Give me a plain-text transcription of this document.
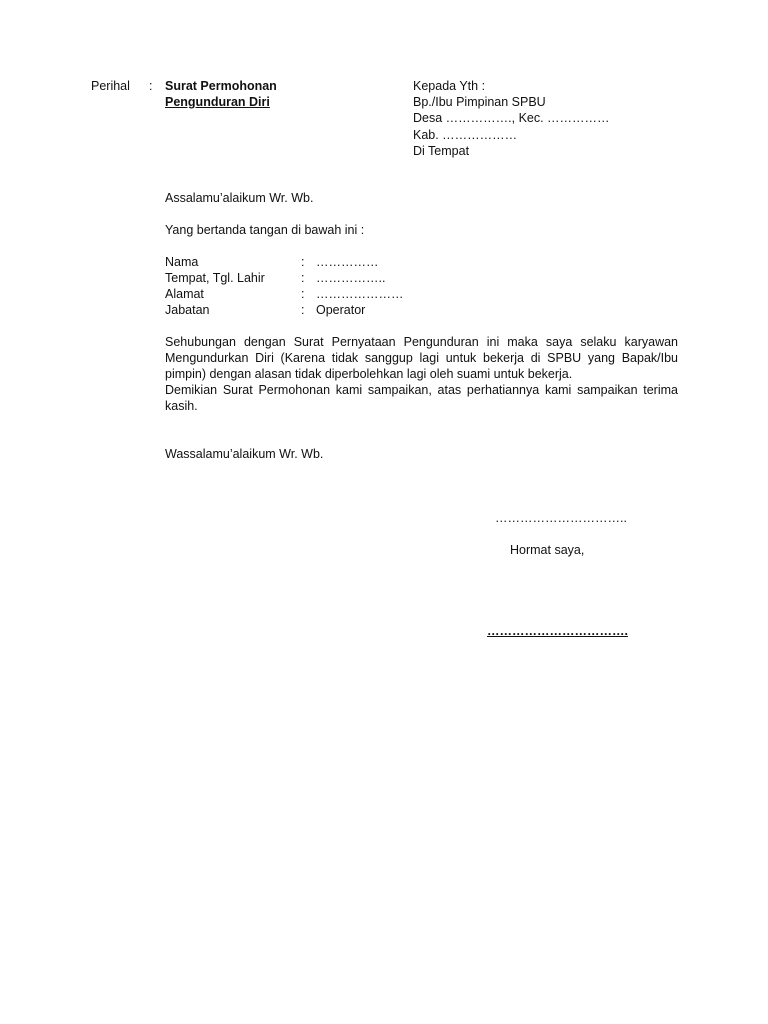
Perihal : Surat Permohonan
Pengunduran Diri
Kepada Yth :
Bp./Ibu Pimpinan SPBU
Desa ……………., Kec. ……………
Kab. ………………
Di Tempat
Assalamu’alaikum Wr. Wb.
Yang bertanda tangan di bawah ini :
Nama	: ……………
Tempat, Tgl. Lahir	: ……………..
Alamat	: …………………
Jabatan	: Operator

Sehubungan dengan Surat Pernyataan Pengunduran ini maka saya selaku karyawan Mengundurkan Diri (Karena tidak sanggup lagi untuk bekerja di SPBU yang Bapak/Ibu pimpin) dengan alasan tidak diperbolehkan lagi oleh suami untuk bekerja.

Demikian Surat Permohonan kami sampaikan, atas perhatiannya kami sampaikan terima kasih.

Wassalamu’alaikum Wr. Wb.
…………………………..
Hormat saya,
…………………………….
